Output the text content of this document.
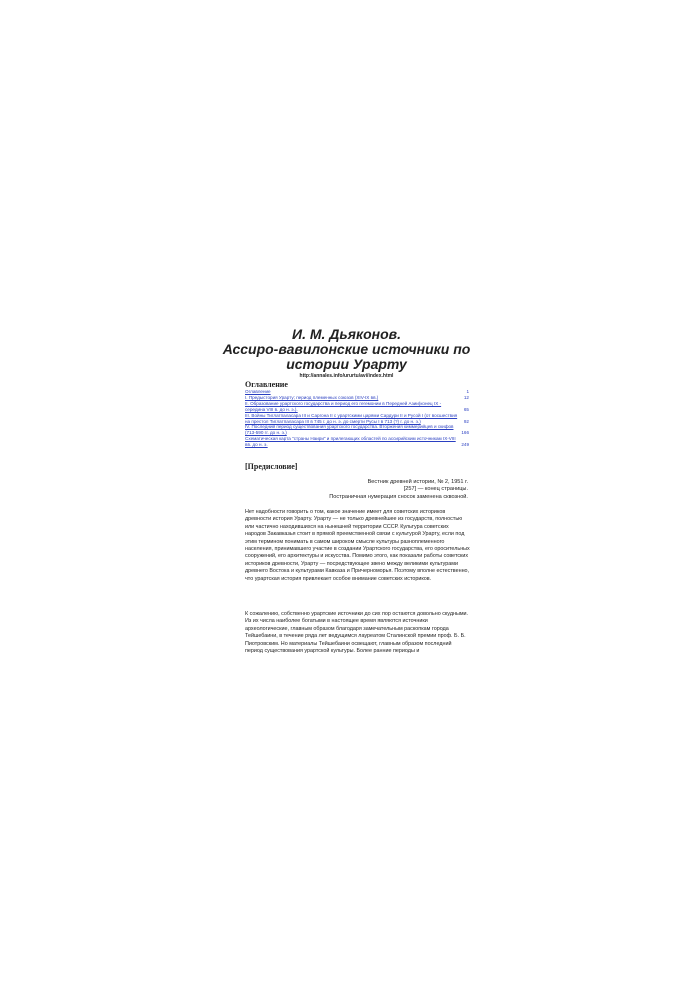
И. М. Дьяконов.
Ассиро-вавилонские источники по
истории Урарту
http://annales.info/ururtu/avi/index.html
Оглавление
Оглавление	1
I. Предыстория Урарту; период племенных союзов (XIV-IX вв.)	12
II. Образование урартского государства и период его гегемонии в Передней Азии(конец IX - середина VIII в. до н. э.).	65
III. Войны Тиглатпаласара III и Саргона II с урартскими царями Сардури II и Русой I (от восшествия на престол Тиглатпаласара III в 745 г. до н. э. до смерти Русы I в 713 (?) г. до н. э.)	92
IV. Последний период существования урартского государства. Вторжения киммерийцев и скифов (713-590 гг. до н. э.)	166
Схематическая карта "страны Наири" и прилегающих областей по ассирийским источникам IX-VIII вв. до н. э.	249
[Предисловие]
Вестник древней истории, № 2, 1951 г.
[257] — конец страницы.
Постраничная нумерация сносок заменена сквозной.

Нет надобности говорить о том, какое значение имеет для советских историков древности история Урарту. Урарту — не только древнейшее из государств, полностью или частично находившихся на нынешней территории СССР. Культура советских народов Закавказья стоит в прямой преемственной связи с культурой Урарту, если под этим термином понимать в самом широком смысле культуры разноплеменного населения, принимавшего участие в создании Урартского государства, его оросительных сооружений, его архитектуры и искусства. Помимо этого, как показали работы советских историков древности, Урарту — посредствующее звено между великими культурами древнего Востока и культурами Кавказа и Причерноморья. Поэтому вполне естественно, что урартская история привлекает особое внимание советских историков.

К сожалению, собственно урартские источники до сих пор остаются довольно скудными. Из их числа наиболее богатыми в настоящее время являются источники археологические, главным образом благодаря замечательным раскопкам города Тейшебаини, в течение ряда лет ведущимся лауреатом Сталинской премии проф. Б. Б. Пиотровским. Но материалы Тейшебаини освещают, главным образом последний период существования урартской культуры. Более ранние периоды и
